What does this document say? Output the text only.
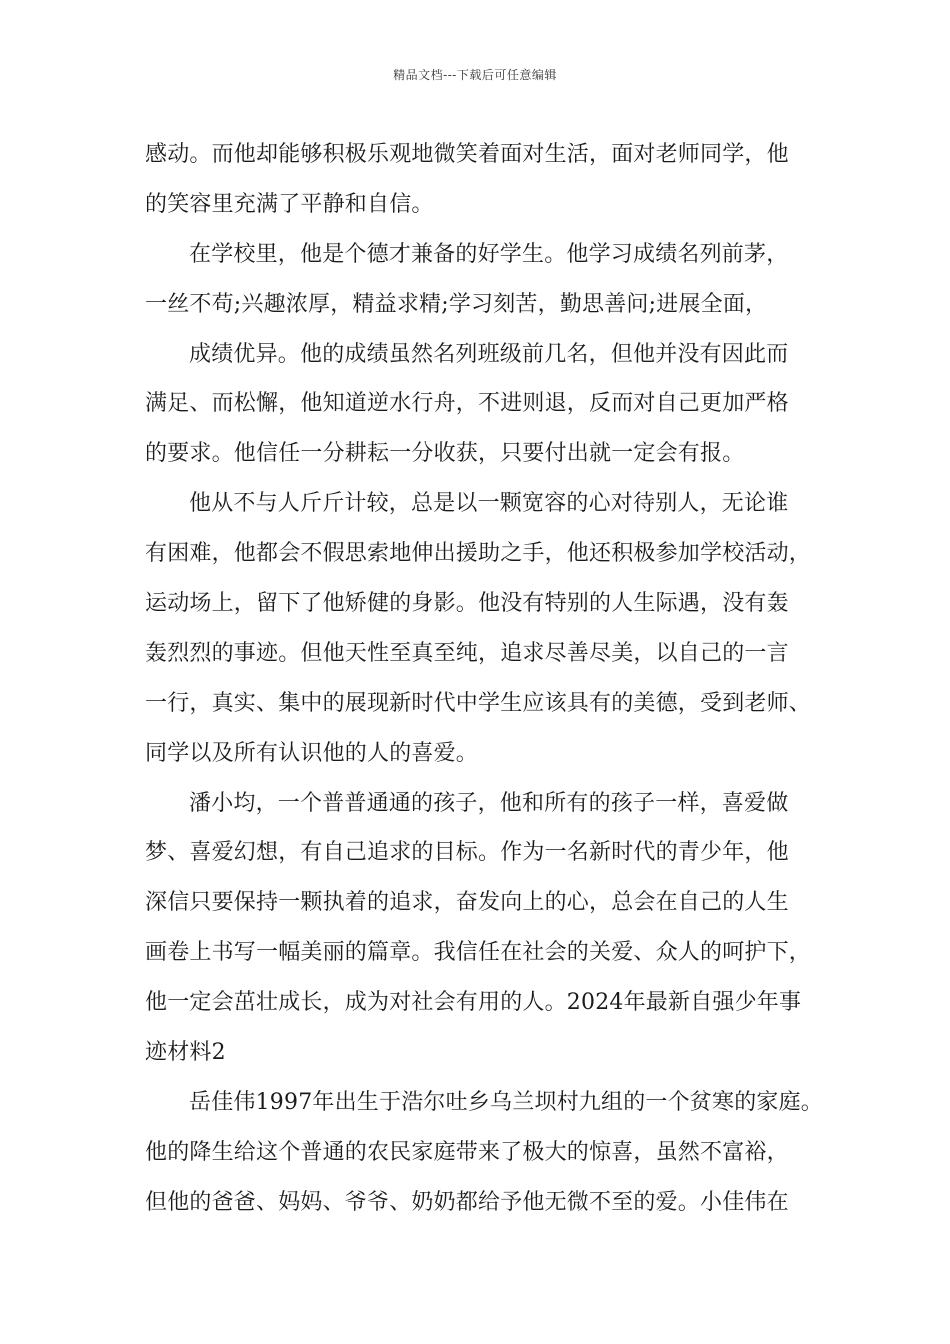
精品文档---下载后可任意编辑
感动。而他却能够积极乐观地微笑着面对生活，面对老师同学，他
的笑容里充满了平静和自信。
在学校里，他是个德才兼备的好学生。他学习成绩名列前茅，
一丝不苟;兴趣浓厚，精益求精;学习刻苦，勤思善问;进展全面，
成绩优异。他的成绩虽然名列班级前几名，但他并没有因此而
满足、而松懈，他知道逆水行舟，不进则退，反而对自己更加严格
的要求。他信任一分耕耘一分收获，只要付出就一定会有报。
他从不与人斤斤计较，总是以一颗宽容的心对待别人，无论谁
有困难，他都会不假思索地伸出援助之手，他还积极参加学校活动，
运动场上，留下了他矫健的身影。他没有特别的人生际遇，没有轰
轰烈烈的事迹。但他天性至真至纯，追求尽善尽美，以自己的一言
一行，真实、集中的展现新时代中学生应该具有的美德，受到老师、
同学以及所有认识他的人的喜爱。
潘小均，一个普普通通的孩子，他和所有的孩子一样，喜爱做
梦、喜爱幻想，有自己追求的目标。作为一名新时代的青少年，他
深信只要保持一颗执着的追求，奋发向上的心，总会在自己的人生
画卷上书写一幅美丽的篇章。我信任在社会的关爱、众人的呵护下，
他一定会茁壮成长，成为对社会有用的人。2024年最新自强少年事
迹材料2
岳佳伟1997年出生于浩尔吐乡乌兰坝村九组的一个贫寒的家庭。
他的降生给这个普通的农民家庭带来了极大的惊喜，虽然不富裕，
但他的爸爸、妈妈、爷爷、奶奶都给予他无微不至的爱。小佳伟在
